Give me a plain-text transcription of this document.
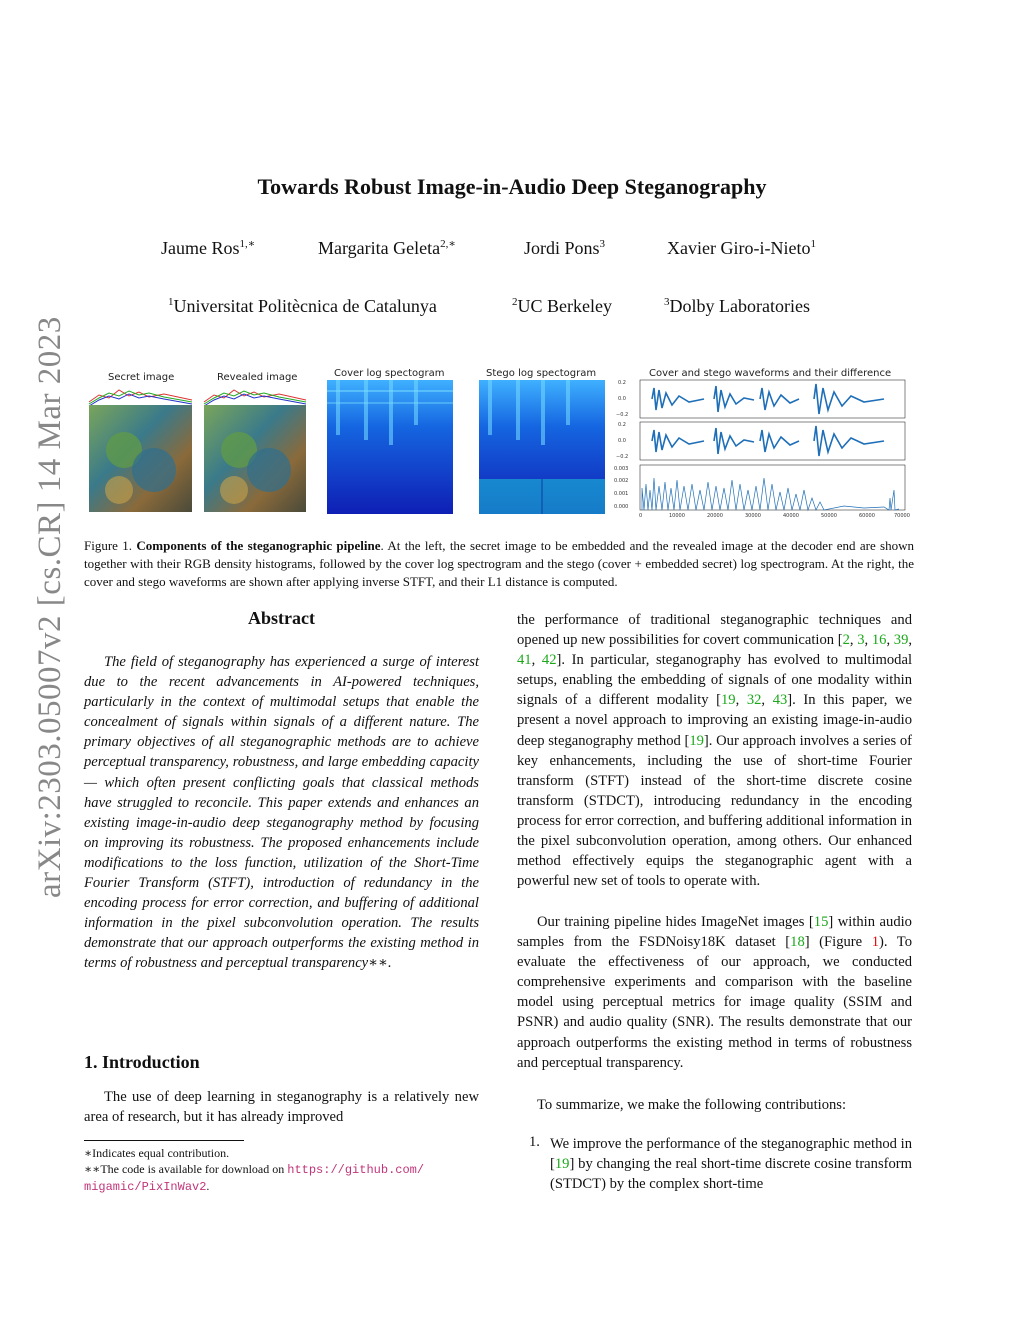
arXiv:2303.05007v2 [cs.CR] 14 Mar 2023
Towards Robust Image-in-Audio Deep Steganography
Jaume Ros$^{1,∗}$	Margarita Geleta$^{2,∗}$	Jordi Pons$^3$	Xavier Giro-i-Nieto$^1$
$^1$Universitat Politècnica de Catalunya	$^2$UC Berkeley	$^3$Dolby Laboratories
Secret image	Revealed image	Cover log spectogram	Stego log spectogram	Cover and stego waveforms and their difference
0.2
0.0
−0.2
0.2
0.0
−0.2
0.003
0.002
0.001
0.000
0	10000	20000	30000	40000	50000	60000	70000
Figure 1. Components of the steganographic pipeline. At the left, the secret image to be embedded and the revealed image at the decoder end are shown together with their RGB density histograms, followed by the cover log spectrogram and the stego (cover + embedded secret) log spectrogram. At the right, the cover and stego waveforms are shown after applying inverse STFT, and their L1 distance is computed.
Abstract
The field of steganography has experienced a surge of interest due to the recent advancements in AI-powered techniques, particularly in the context of multimodal setups that enable the concealment of signals within signals of a different nature. The primary objectives of all steganographic methods are to achieve perceptual transparency, robustness, and large embedding capacity — which often present conflicting goals that classical methods have struggled to reconcile. This paper extends and enhances an existing image-in-audio deep steganography method by focusing on improving its robustness. The proposed enhancements include modifications to the loss function, utilization of the Short-Time Fourier Transform (STFT), introduction of redundancy in the encoding process for error correction, and buffering of additional information in the pixel subconvolution operation. The results demonstrate that our approach outperforms the existing method in terms of robustness and perceptual transparency∗∗.
1. Introduction
The use of deep learning in steganography is a relatively new area of research, but it has already improved
∗Indicates equal contribution.
∗∗The code is available for download on https://github.com/
migamic/PixInWav2.
the performance of traditional steganographic techniques and opened up new possibilities for covert communication [2, 3, 16, 39, 41, 42]. In particular, steganography has evolved to multimodal setups, enabling the embedding of signals of one modality within signals of a different modality [19, 32, 43]. In this paper, we present a novel approach to improving an existing image-in-audio deep steganography method [19]. Our approach involves a series of key enhancements, including the use of short-time Fourier transform (STFT) instead of the short-time discrete cosine transform (STDCT), introducing redundancy in the encoding process for error correction, and buffering additional information in the pixel subconvolution operation, among others. Our enhanced method effectively equips the steganographic agent with a powerful new set of tools to operate with.
Our training pipeline hides ImageNet images [15] within audio samples from the FSDNoisy18K dataset [18] (Figure 1). To evaluate the effectiveness of our approach, we conducted comprehensive experiments and comparison with the baseline model using perceptual metrics for image quality (SSIM and PSNR) and audio quality (SNR). The results demonstrate that our approach outperforms the existing method in terms of robustness and perceptual transparency.
To summarize, we make the following contributions:
1. We improve the performance of the steganographic method in [19] by changing the real short-time discrete cosine transform (STDCT) by the complex short-time
